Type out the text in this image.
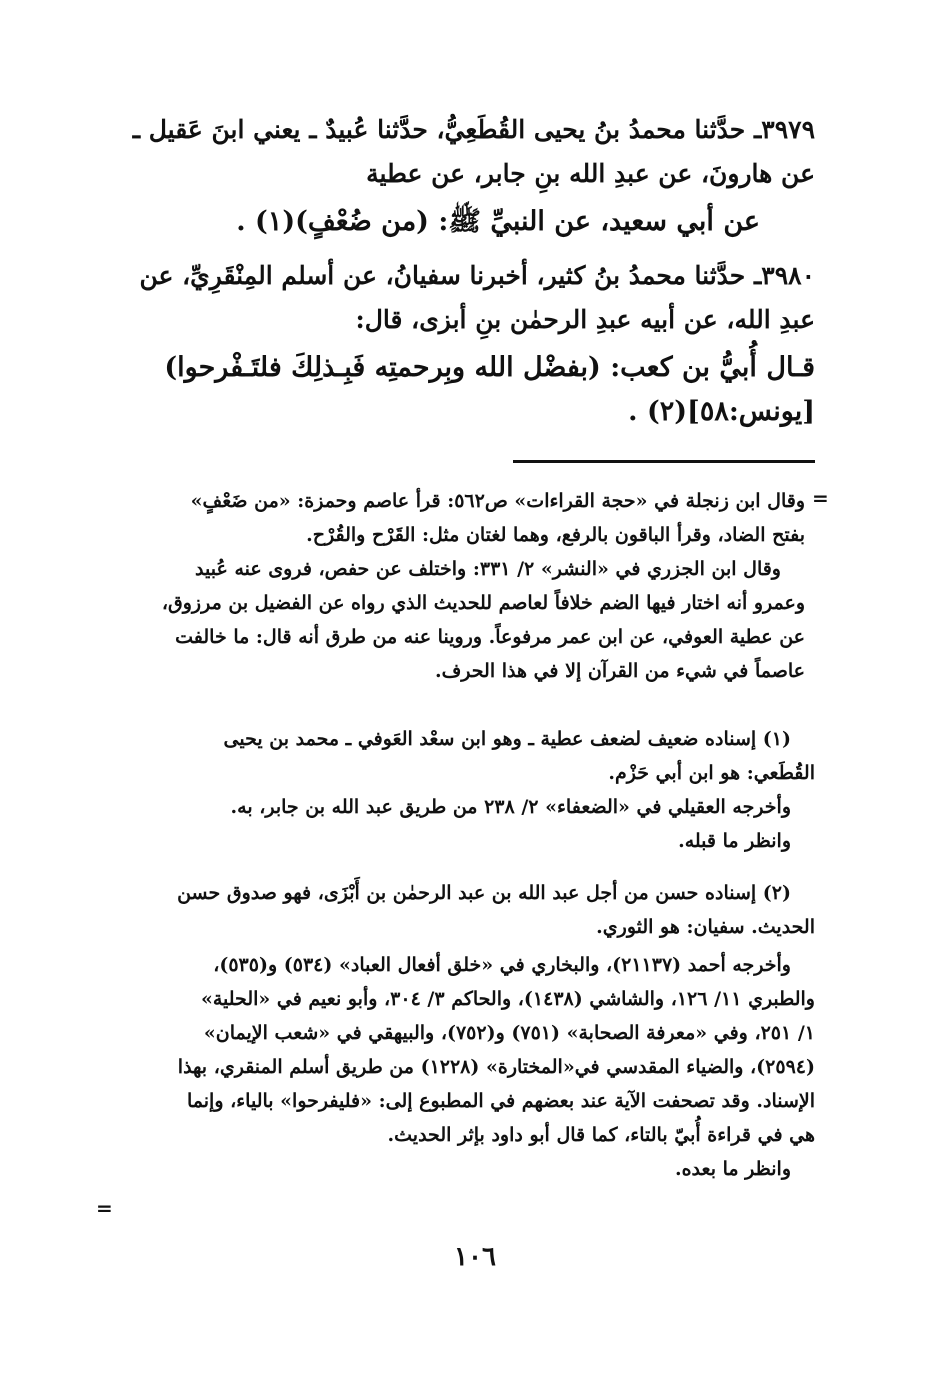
٣٩٧٩ـ حدَّثنا محمدُ بنُ يحيى القُطَعِيُّ، حدَّثنا عُبيدٌ ـ يعني ابنَ عَقيل ـ
عن هارونَ، عن عبدِ الله بنِ جابر، عن عطية
عن أبي سعيد، عن النبيِّ ﷺ: (من ضُعْفٍ)(١) .
٣٩٨٠ـ حدَّثنا محمدُ بنُ كثير، أخبرنا سفيانُ، عن أسلم المِنْقَرِيِّ، عن
عبدِ الله، عن أبيه عبدِ الرحمٰن بنِ أبزى، قال:
قـال أُبيُّ بن كعب: (بفضْل الله وبِرحمتِه فَبِـذلِكَ فلتَـفْرحوا)
[يونس:٥٨](٢) .
=
وقال ابن زنجلة في «حجة القراءات» ص٥٦٢: قرأ عاصم وحمزة: «من ضَعْفٍ»
بفتح الضاد، وقرأ الباقون بالرفع، وهما لغتان مثل: القَرْح والقُرْح.
وقال ابن الجزري في «النشر» ٢/ ٣٣١: واختلف عن حفص، فروى عنه عُبيد
وعمرو أنه اختار فيها الضم خلافاً لعاصم للحديث الذي رواه عن الفضيل بن مرزوق،
عن عطية العوفي، عن ابن عمر مرفوعاً. وروينا عنه من طرق أنه قال: ما خالفت
عاصماً في شيء من القرآن إلا في هذا الحرف.
(١) إسناده ضعيف لضعف عطية ـ وهو ابن سعْد العَوفي ـ محمد بن يحيى
القُطَعي: هو ابن أبي حَزْم.
وأخرجه العقيلي في «الضعفاء» ٢/ ٢٣٨ من طريق عبد الله بن جابر، به.
وانظر ما قبله.
(٢) إسناده حسن من أجل عبد الله بن عبد الرحمٰن بن أَبْزَى، فهو صدوق حسن
الحديث. سفيان: هو الثوري.
وأخرجه أحمد (٢١١٣٧)، والبخاري في «خلق أفعال العباد» (٥٣٤) و(٥٣٥)،
والطبري ١١/ ١٢٦، والشاشي (١٤٣٨)، والحاكم ٣/ ٣٠٤، وأبو نعيم في «الحلية»
١/ ٢٥١، وفي «معرفة الصحابة» (٧٥١) و(٧٥٢)، والبيهقي في «شعب الإيمان»
(٢٥٩٤)، والضياء المقدسي في«المختارة» (١٢٢٨) من طريق أسلم المنقري، بهذا
الإسناد. وقد تصحفت الآية عند بعضهم في المطبوع إلى: «فليفرحوا» بالياء، وإنما
هي في قراءة أُبيّ بالتاء، كما قال أبو داود بإثر الحديث.
وانظر ما بعده.
=
١٠٦
